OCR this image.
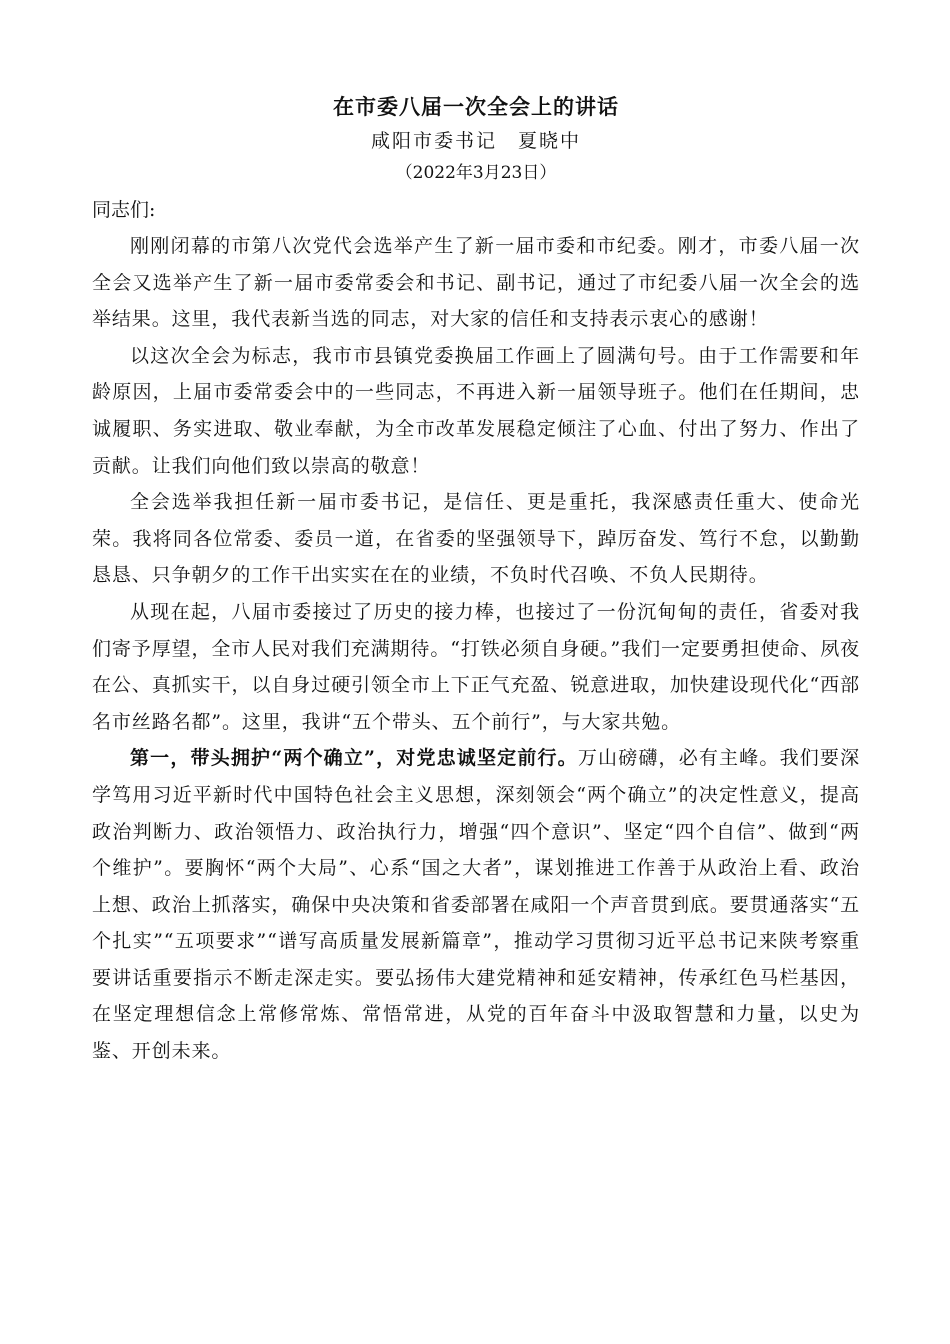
在市委八届一次全会上的讲话
咸阳市委书记　夏晓中
（2022年3月23日）
同志们:

刚刚闭幕的市第八次党代会选举产生了新一届市委和市纪委。刚才，市委八届一次全会又选举产生了新一届市委常委会和书记、副书记，通过了市纪委八届一次全会的选举结果。这里，我代表新当选的同志，对大家的信任和支持表示衷心的感谢！

以这次全会为标志，我市市县镇党委换届工作画上了圆满句号。由于工作需要和年龄原因，上届市委常委会中的一些同志，不再进入新一届领导班子。他们在任期间，忠诚履职、务实进取、敬业奉献，为全市改革发展稳定倾注了心血、付出了努力、作出了贡献。让我们向他们致以崇高的敬意！

全会选举我担任新一届市委书记，是信任、更是重托，我深感责任重大、使命光荣。我将同各位常委、委员一道，在省委的坚强领导下，踔厉奋发、笃行不怠，以勤勤恳恳、只争朝夕的工作干出实实在在的业绩，不负时代召唤、不负人民期待。

从现在起，八届市委接过了历史的接力棒，也接过了一份沉甸甸的责任，省委对我们寄予厚望，全市人民对我们充满期待。“打铁必须自身硬。”我们一定要勇担使命、夙夜在公、真抓实干，以自身过硬引领全市上下正气充盈、锐意进取，加快建设现代化“西部名市丝路名都”。这里，我讲“五个带头、五个前行”，与大家共勉。

第一，带头拥护“两个确立”，对党忠诚坚定前行。万山磅礴，必有主峰。我们要深学笃用习近平新时代中国特色社会主义思想，深刻领会“两个确立”的决定性意义，提高政治判断力、政治领悟力、政治执行力，增强“四个意识”、坚定“四个自信”、做到“两个维护”。要胸怀“两个大局”、心系“国之大者”，谋划推进工作善于从政治上看、政治上想、政治上抓落实，确保中央决策和省委部署在咸阳一个声音贯到底。要贯通落实“五个扎实”“五项要求”“谱写高质量发展新篇章”，推动学习贯彻习近平总书记来陕考察重要讲话重要指示不断走深走实。要弘扬伟大建党精神和延安精神，传承红色马栏基因，在坚定理想信念上常修常炼、常悟常进，从党的百年奋斗中汲取智慧和力量，以史为鉴、开创未来。
